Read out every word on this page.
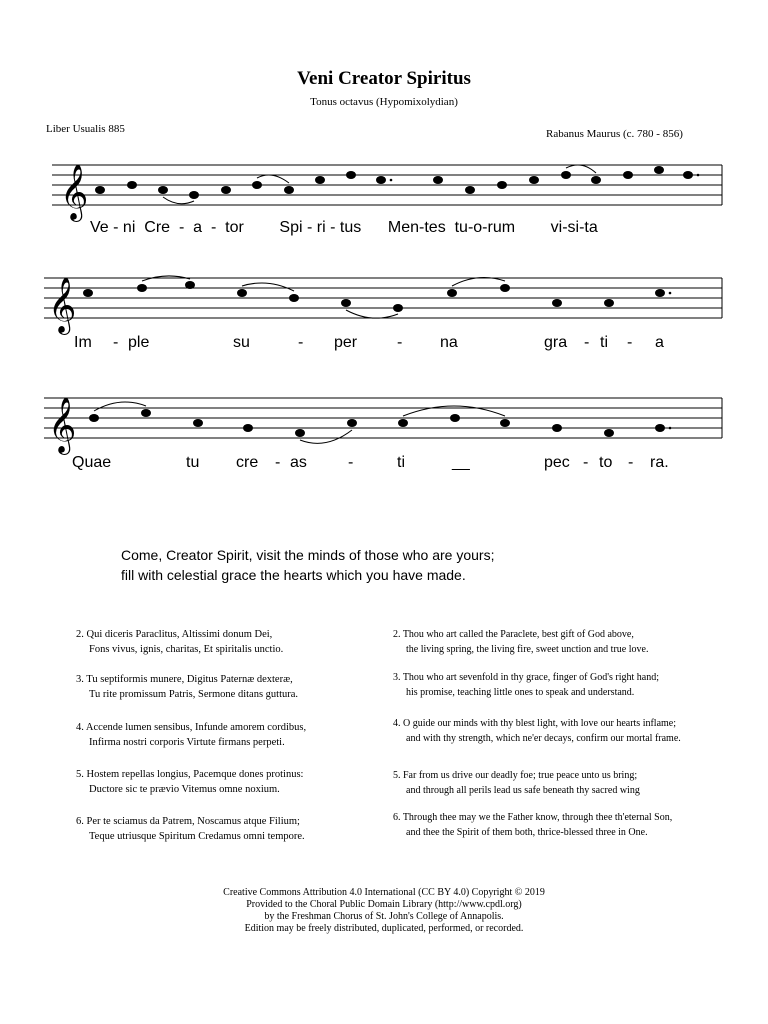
Veni Creator Spiritus
Tonus octavus (Hypomixolydian)
Liber Usualis 885	Rabanus Maurus (c. 780 - 856)
𝄞
Ve - ni Cre - a - tor Spi - ri - tus Men-tes tu-o-rum vi-si-ta
𝄞
Im - ple	su	- per - na	gra - ti - a
𝄞
Quae	tu cre - as	-	ti	__	pec - to - ra.
Come, Creator Spirit, visit the minds of those who are yours;
fill with celestial grace the hearts which you have made.
2. Qui diceris Paraclitus, Altissimi donum Dei,
Fons vivus, ignis, charitas, Et spiritalis unctio.
3. Tu septiformis munere, Digitus Paternæ dexteræ,
Tu rite promissum Patris, Sermone ditans guttura.
4. Accende lumen sensibus, Infunde amorem cordibus,
Infirma nostri corporis Virtute firmans perpeti.
5. Hostem repellas longius, Pacemque dones protinus:
Ductore sic te prævio Vitemus omne noxium.
6. Per te sciamus da Patrem, Noscamus atque Filium;
Teque utriusque Spiritum Credamus omni tempore.
2. Thou who art called the Paraclete, best gift of God above,
the living spring, the living fire, sweet unction and true love.
3. Thou who art sevenfold in thy grace, finger of God's right hand;
his promise, teaching little ones to speak and understand.
4. O guide our minds with thy blest light, with love our hearts inflame;
and with thy strength, which ne'er decays, confirm our mortal frame.
5. Far from us drive our deadly foe; true peace unto us bring;
and through all perils lead us safe beneath thy sacred wing
6. Through thee may we the Father know, through thee th'eternal Son,
and thee the Spirit of them both, thrice-blessed three in One.
Creative Commons Attribution 4.0 International (CC BY 4.0) Copyright © 2019
Provided to the Choral Public Domain Library (http://www.cpdl.org)
by the Freshman Chorus of St. John's College of Annapolis.
Edition may be freely distributed, duplicated, performed, or recorded.
